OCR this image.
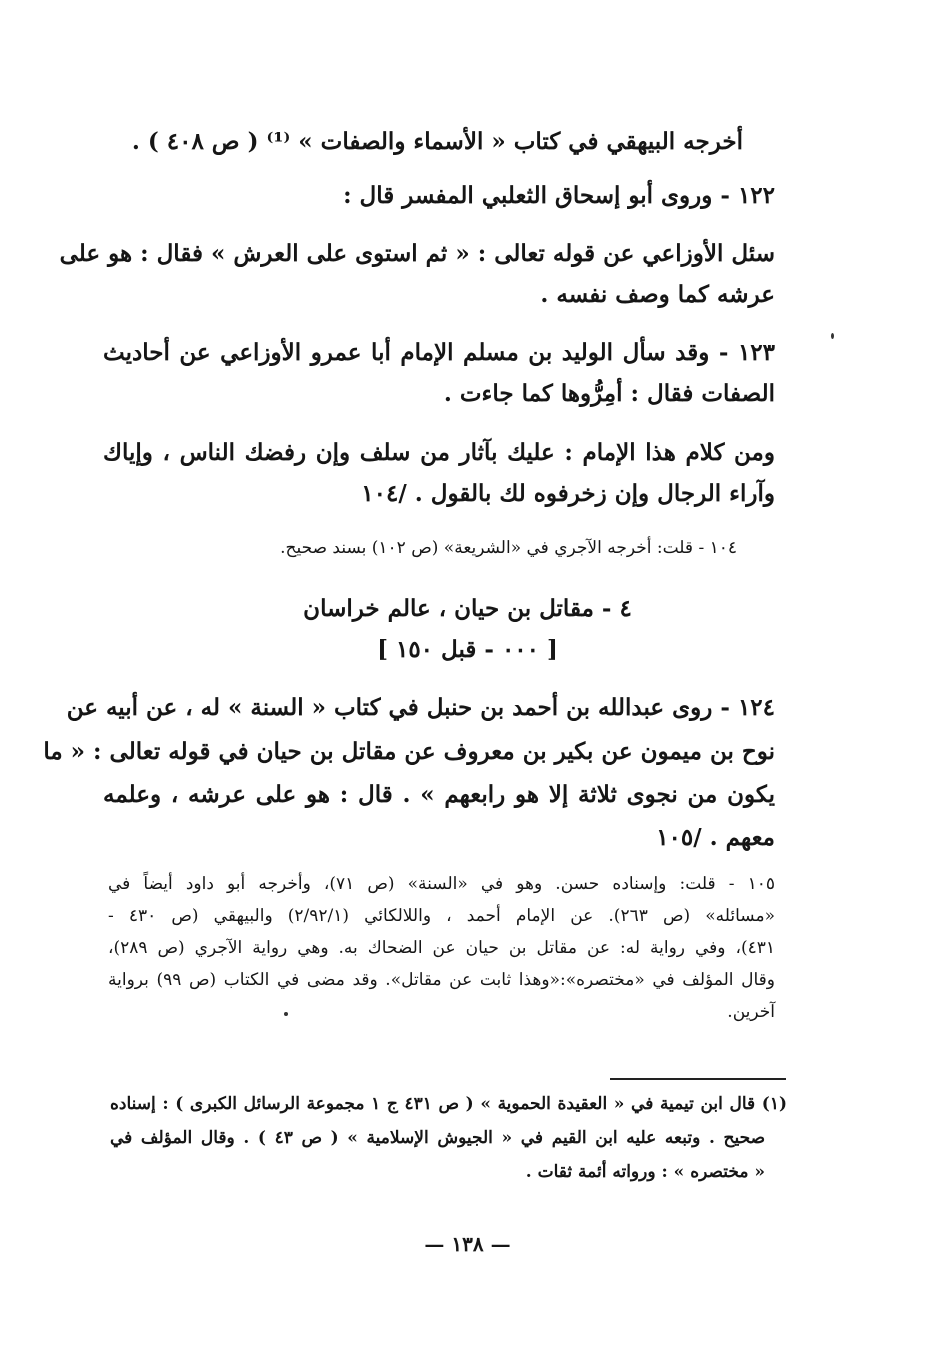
أخرجه البيهقي في كتاب « الأسماء والصفات » ⁽¹⁾ ( ص ٤٠٨ ) .
١٢٢ - وروى أبو إسحاق الثعلبي المفسر قال :
سئل الأوزاعي عن قوله تعالى : « ثم استوى على العرش » فقال : هو على
عرشه كما وصف نفسه .
١٢٣ - وقد سأل الوليد بن مسلم الإمام أبا عمرو الأوزاعي عن أحاديث
الصفات فقال : أمِرُّوها كما جاءت .
ومن كلام هذا الإمام : عليك بآثار من سلف وإن رفضك الناس ، وإياك
وآراء الرجال وإن زخرفوه لك بالقول . /١٠٤
١٠٤ - قلت: أخرجه الآجري في «الشريعة» (ص ١٠٢) بسند صحيح.
٤ - مقاتل بن حيان ، عالم خراسان
[ ٠٠٠ - قبل ١٥٠ ]
١٢٤ - روى عبدالله بن أحمد بن حنبل في كتاب « السنة » له ، عن أبيه عن
نوح بن ميمون عن بكير بن معروف عن مقاتل بن حيان في قوله تعالى : « ما
يكون من نجوى ثلاثة إلا هو رابعهم » . قال : هو على عرشه ، وعلمه
معهم . /١٠٥
١٠٥ - قلت: وإسناده حسن. وهو في «السنة» (ص ٧١)، وأخرجه أبو داود أيضاً في
«مسائله» (ص ٢٦٣). عن الإمام أحمد ، واللالكائي (٢/٩٢/١) والبيهقي (ص ٤٣٠ -
٤٣١)، وفي رواية له: عن مقاتل بن حيان عن الضحاك به. وهي رواية الآجري (ص ٢٨٩)،
وقال المؤلف في «مختصره»:«وهذا ثابت عن مقاتل». وقد مضى في الكتاب (ص ٩٩) برواية
آخرين.
(١) قال ابن تيمية في « العقيدة الحموية » ( ص ٤٣١ ج ١ مجموعة الرسائل الكبرى ) : إسناده
صحيح . وتبعه عليه ابن القيم في « الجيوش الإسلامية » ( ص ٤٣ ) . وقال المؤلف في
« مختصره » : ورواته أئمة ثقات .
— ١٣٨ —
